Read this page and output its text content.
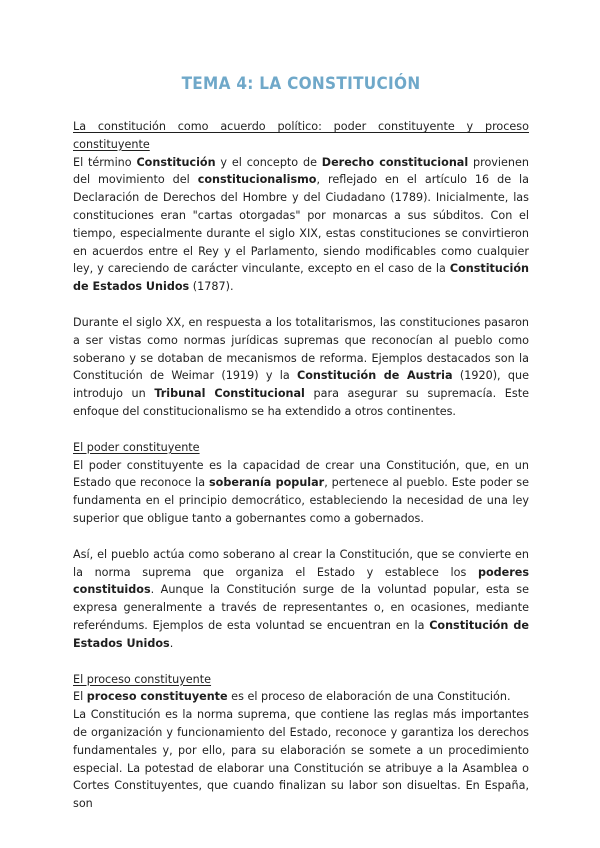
TEMA 4: LA CONSTITUCIÓN
La constitución como acuerdo político: poder constituyente y proceso constituyente

El término Constitución y el concepto de Derecho constitucional provienen del movimiento del constitucionalismo, reflejado en el artículo 16 de la Declaración de Derechos del Hombre y del Ciudadano (1789). Inicialmente, las constituciones eran "cartas otorgadas" por monarcas a sus súbditos. Con el tiempo, especialmente durante el siglo XIX, estas constituciones se convirtieron en acuerdos entre el Rey y el Parlamento, siendo modificables como cualquier ley, y careciendo de carácter vinculante, excepto en el caso de la Constitución de Estados Unidos (1787).

Durante el siglo XX, en respuesta a los totalitarismos, las constituciones pasaron a ser vistas como normas jurídicas supremas que reconocían al pueblo como soberano y se dotaban de mecanismos de reforma. Ejemplos destacados son la Constitución de Weimar (1919) y la Constitución de Austria (1920), que introdujo un Tribunal Constitucional para asegurar su supremacía. Este enfoque del constitucionalismo se ha extendido a otros continentes.

El poder constituyente

El poder constituyente es la capacidad de crear una Constitución, que, en un Estado que reconoce la soberanía popular, pertenece al pueblo. Este poder se fundamenta en el principio democrático, estableciendo la necesidad de una ley superior que obligue tanto a gobernantes como a gobernados.

Así, el pueblo actúa como soberano al crear la Constitución, que se convierte en la norma suprema que organiza el Estado y establece los poderes constituidos. Aunque la Constitución surge de la voluntad popular, esta se expresa generalmente a través de representantes o, en ocasiones, mediante referéndums. Ejemplos de esta voluntad se encuentran en la Constitución de Estados Unidos.

El proceso constituyente

El proceso constituyente es el proceso de elaboración de una Constitución.

La Constitución es la norma suprema, que contiene las reglas más importantes de organización y funcionamiento del Estado, reconoce y garantiza los derechos fundamentales y, por ello, para su elaboración se somete a un procedimiento especial. La potestad de elaborar una Constitución se atribuye a la Asamblea o Cortes Constituyentes, que cuando finalizan su labor son disueltas. En España, son
